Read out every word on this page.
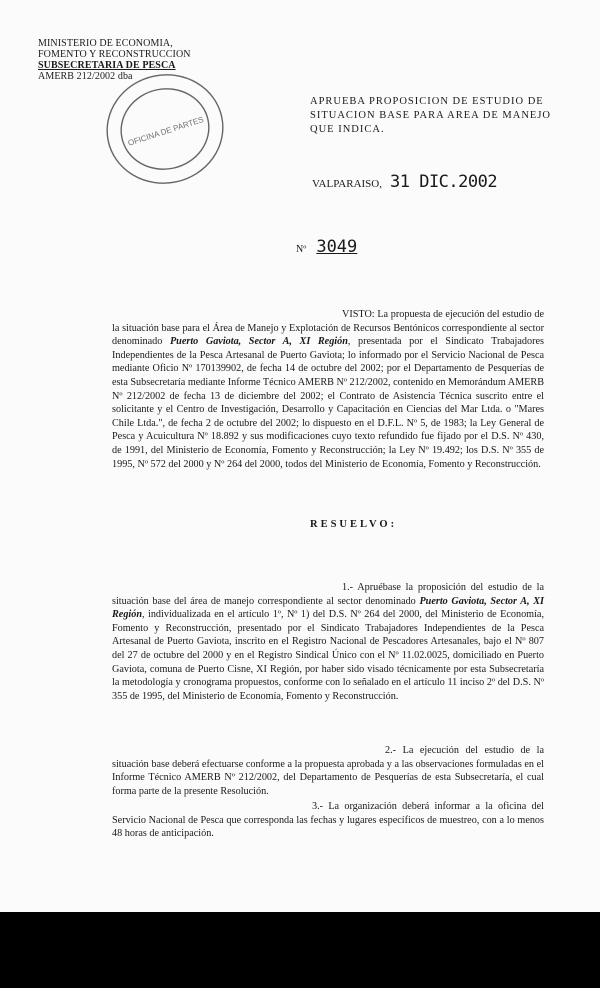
MINISTERIO DE ECONOMIA,
FOMENTO Y RECONSTRUCCION
SUBSECRETARIA DE PESCA
AMERB 212/2002 dba
OFICINA DE PARTES
APRUEBA PROPOSICION DE ESTUDIO DE SITUACION BASE PARA AREA DE MANEJO QUE INDICA.
VALPARAISO, 31 DIC.2002
Nº 3049

VISTO: La propuesta de ejecución del estudio de la situación base para el Área de Manejo y Explotación de Recursos Bentónicos correspondiente al sector denominado Puerto Gaviota, Sector A, XI Región, presentada por el Sindicato Trabajadores Independientes de la Pesca Artesanal de Puerto Gaviota; lo informado por el Servicio Nacional de Pesca mediante Oficio Nº 170139902, de fecha 14 de octubre del 2002; por el Departamento de Pesquerías de esta Subsecretaría mediante Informe Técnico AMERB Nº 212/2002, contenido en Memorándum AMERB Nº 212/2002 de fecha 13 de diciembre del 2002; el Contrato de Asistencia Técnica suscrito entre el solicitante y el Centro de Investigación, Desarrollo y Capacitación en Ciencias del Mar Ltda. o "Mares Chile Ltda.", de fecha 2 de octubre del 2002; lo dispuesto en el D.F.L. Nº 5, de 1983; la Ley General de Pesca y Acuicultura Nº 18.892 y sus modificaciones cuyo texto refundido fue fijado por el D.S. Nº 430, de 1991, del Ministerio de Economía, Fomento y Reconstrucción; la Ley Nº 19.492; los D.S. Nº 355 de 1995, Nº 572 del 2000 y Nº 264 del 2000, todos del Ministerio de Economía, Fomento y Reconstrucción.

RESUELVO:

1.- Apruébase la proposición del estudio de la situación base del área de manejo correspondiente al sector denominado Puerto Gaviota, Sector A, XI Región, individualizada en el artículo 1º, Nº 1) del D.S. Nº 264 del 2000, del Ministerio de Economía, Fomento y Reconstrucción, presentado por el Sindicato Trabajadores Independientes de la Pesca Artesanal de Puerto Gaviota, inscrito en el Registro Nacional de Pescadores Artesanales, bajo el Nº 807 del 27 de octubre del 2000 y en el Registro Sindical Único con el Nº 11.02.0025, domiciliado en Puerto Gaviota, comuna de Puerto Cisne, XI Región, por haber sido visado técnicamente por esta Subsecretaría la metodología y cronograma propuestos, conforme con lo señalado en el artículo 11 inciso 2º del D.S. Nº 355 de 1995, del Ministerio de Economía, Fomento y Reconstrucción.

2.- La ejecución del estudio de la situación base deberá efectuarse conforme a la propuesta aprobada y a las observaciones formuladas en el Informe Técnico AMERB Nº 212/2002, del Departamento de Pesquerías de esta Subsecretaría, el cual forma parte de la presente Resolución.

3.- La organización deberá informar a la oficina del Servicio Nacional de Pesca que corresponda las fechas y lugares específicos de muestreo, con a lo menos 48 horas de anticipación.
